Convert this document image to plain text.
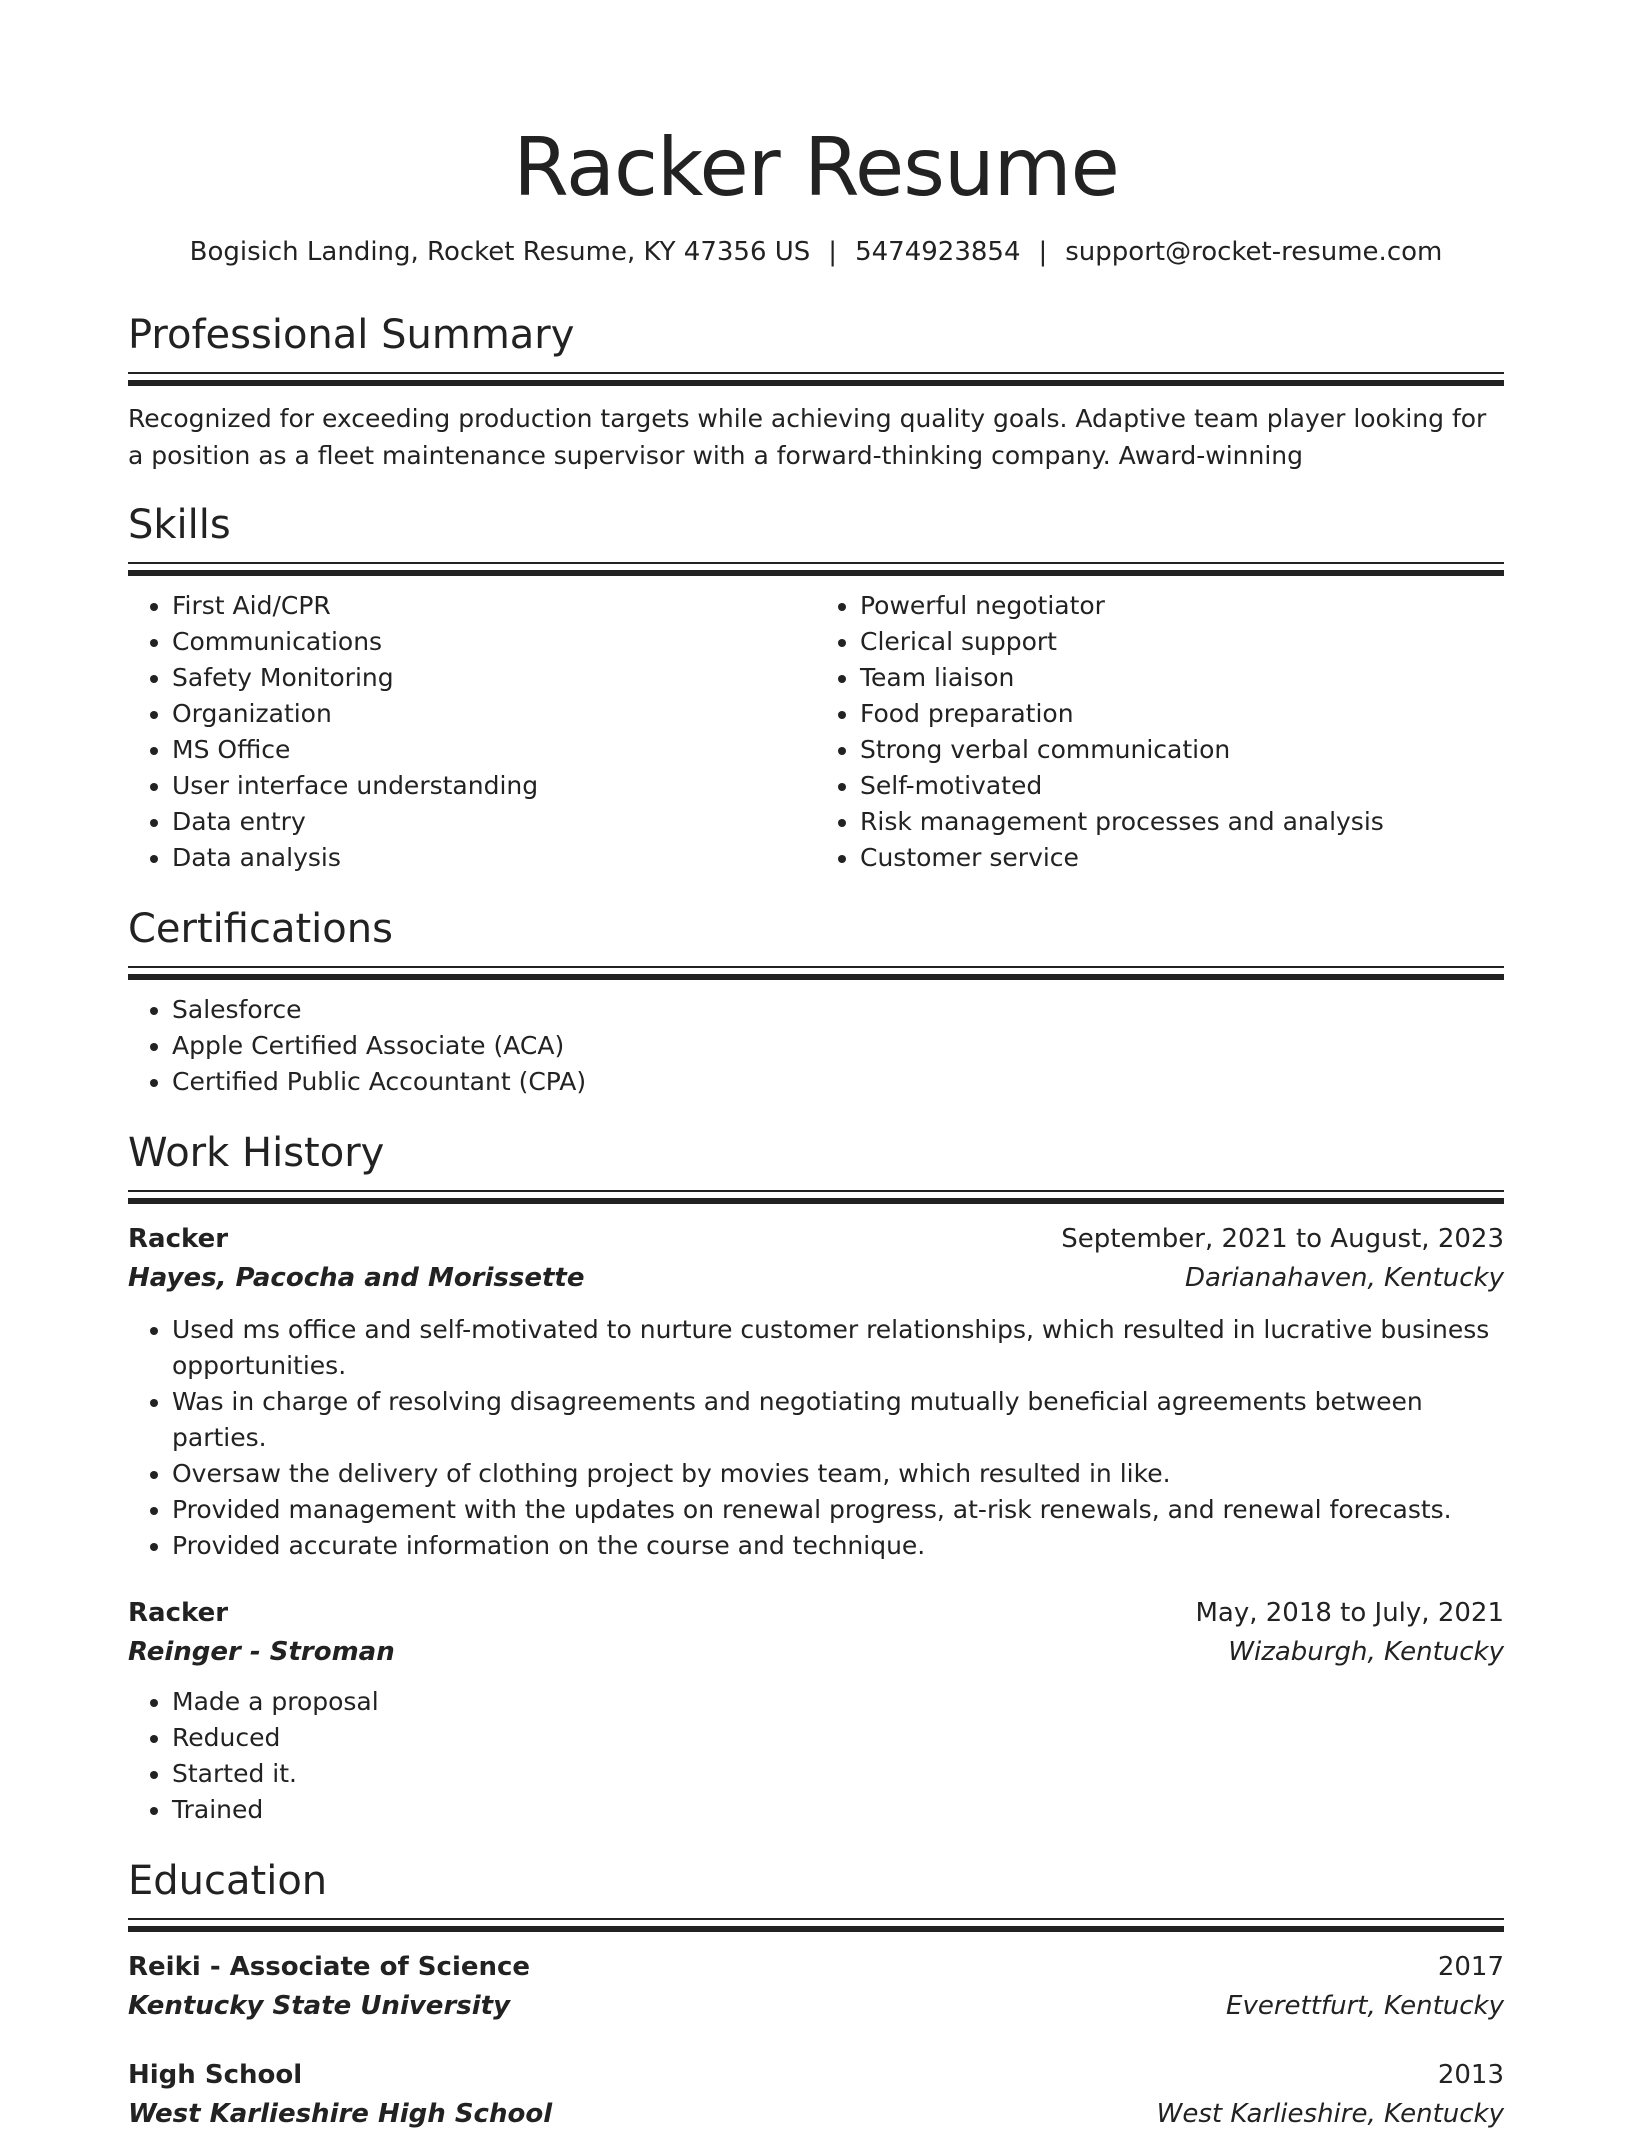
Racker Resume
Bogisich Landing, Rocket Resume, KY 47356 US | 5474923854 | support@rocket-resume.com
Professional Summary
Recognized for exceeding production targets while achieving quality goals. Adaptive team player looking for a position as a fleet maintenance supervisor with a forward-thinking company. Award-winning
Skills
• First Aid/CPR
• Communications
• Safety Monitoring
• Organization
• MS Office
• User interface understanding
• Data entry
• Data analysis
• Powerful negotiator
• Clerical support
• Team liaison
• Food preparation
• Strong verbal communication
• Self-motivated
• Risk management processes and analysis
• Customer service
Certifications
• Salesforce
• Apple Certified Associate (ACA)
• Certified Public Accountant (CPA)
Work History
Racker	September, 2021 to August, 2023
Hayes, Pacocha and Morissette	Darianahaven, Kentucky
• Used ms office and self-motivated to nurture customer relationships, which resulted in lucrative business opportunities.
• Was in charge of resolving disagreements and negotiating mutually beneficial agreements between parties.
• Oversaw the delivery of clothing project by movies team, which resulted in like.
• Provided management with the updates on renewal progress, at-risk renewals, and renewal forecasts.
• Provided accurate information on the course and technique.
Racker	May, 2018 to July, 2021
Reinger - Stroman	Wizaburgh, Kentucky
• Made a proposal
• Reduced
• Started it.
• Trained
Education
Reiki - Associate of Science	2017
Kentucky State University	Everettfurt, Kentucky
High School	2013
West Karlieshire High School	West Karlieshire, Kentucky
